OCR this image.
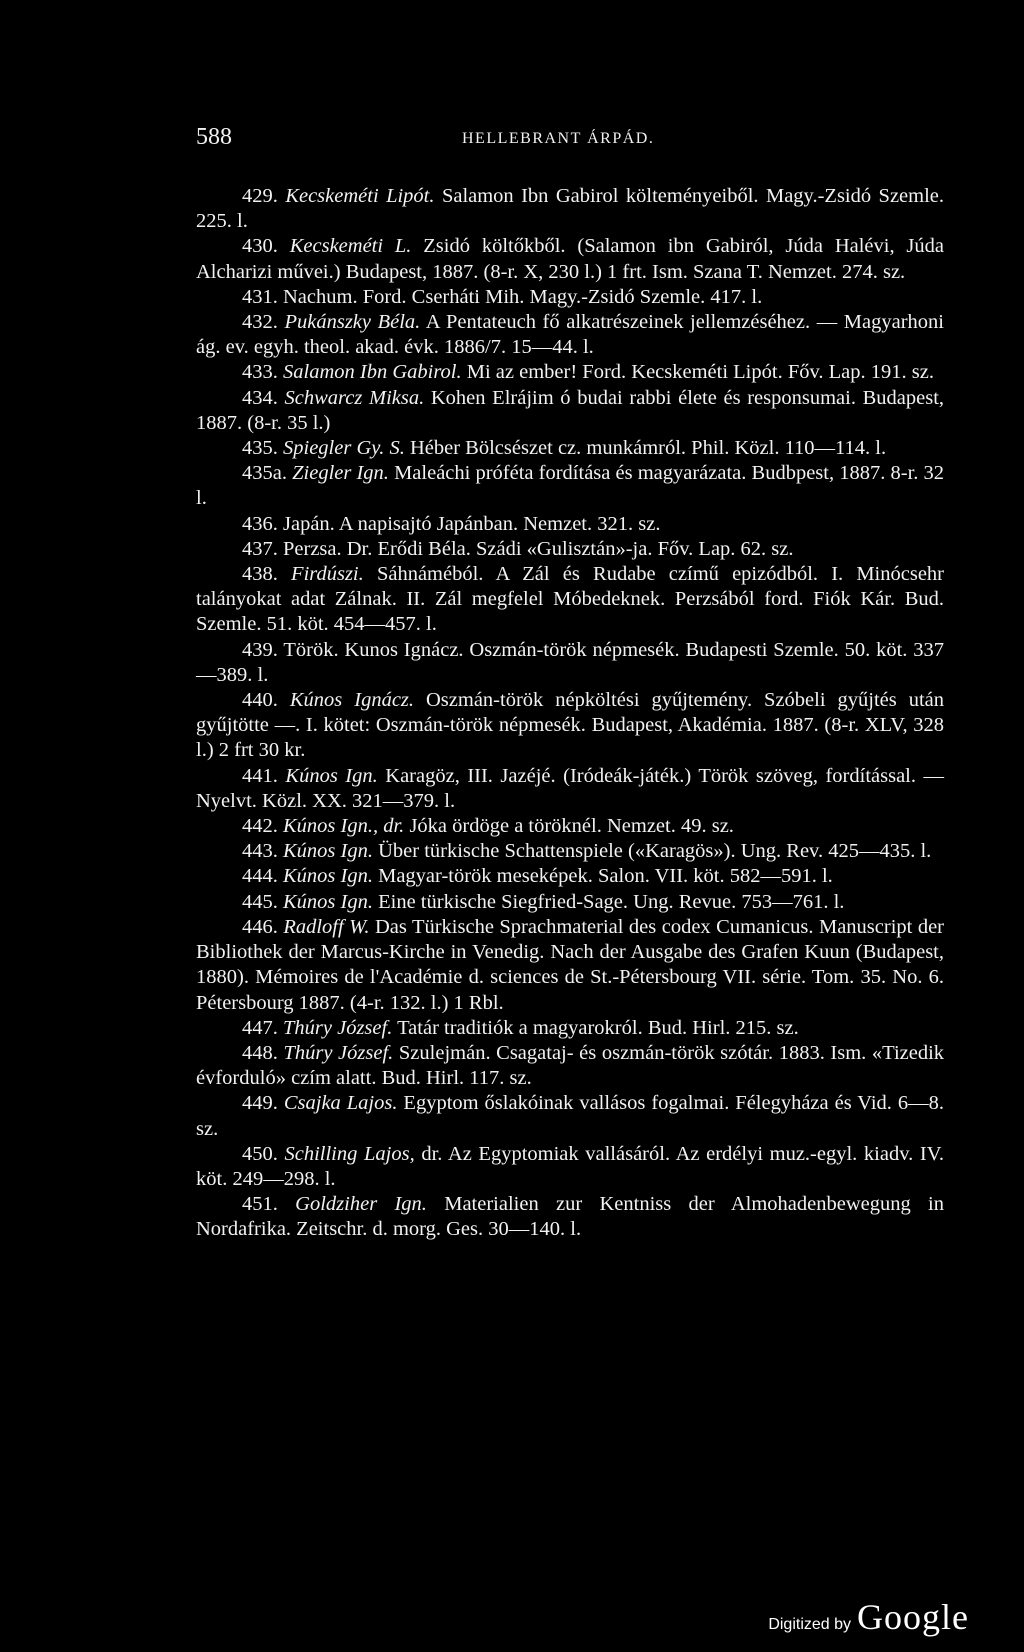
588	HELLEBRANT ÁRPÁD.

429. Kecskeméti Lipót. Salamon Ibn Gabirol költeményeiből. Magy.-Zsidó Szemle. 225. l.

430. Kecskeméti L. Zsidó költőkből. (Salamon ibn Gabiról, Júda Halévi, Júda Alcharizi művei.) Budapest, 1887. (8-r. X, 230 l.) 1 frt. Ism. Szana T. Nemzet. 274. sz.

431. Nachum. Ford. Cserháti Mih. Magy.-Zsidó Szemle. 417. l.

432. Pukánszky Béla. A Pentateuch fő alkatrészeinek jellemzéséhez. — Magyarhoni ág. ev. egyh. theol. akad. évk. 1886/7. 15—44. l.

433. Salamon Ibn Gabirol. Mi az ember! Ford. Kecskeméti Lipót. Főv. Lap. 191. sz.

434. Schwarcz Miksa. Kohen Elrájim ó budai rabbi élete és responsumai. Budapest, 1887. (8-r. 35 l.)

435. Spiegler Gy. S. Héber Bölcsészet cz. munkámról. Phil. Közl. 110—114. l.

435a. Ziegler Ign. Maleáchi próféta fordítása és magyarázata. Budbpest, 1887. 8-r. 32 l.

436. Japán. A napisajtó Japánban. Nemzet. 321. sz.

437. Perzsa. Dr. Erődi Béla. Szádi «Gulisztán»-ja. Főv. Lap. 62. sz.

438. Firdúszi. Sáhnáméból. A Zál és Rudabe czímű epizódból. I. Minócsehr talányokat adat Zálnak. II. Zál megfelel Móbedeknek. Perzsából ford. Fiók Kár. Bud. Szemle. 51. köt. 454—457. l.

439. Török. Kunos Ignácz. Oszmán-török népmesék. Budapesti Szemle. 50. köt. 337—389. l.

440. Kúnos Ignácz. Oszmán-török népköltési gyűjtemény. Szóbeli gyűjtés után gyűjtötte —. I. kötet: Oszmán-török népmesék. Budapest, Akadémia. 1887. (8-r. XLV, 328 l.) 2 frt 30 kr.

441. Kúnos Ign. Karagöz, III. Jazéjé. (Iródeák-játék.) Török szöveg, fordítással. — Nyelvt. Közl. XX. 321—379. l.

442. Kúnos Ign., dr. Jóka ördöge a töröknél. Nemzet. 49. sz.

443. Kúnos Ign. Über türkische Schattenspiele («Karagös»). Ung. Rev. 425—435. l.

444. Kúnos Ign. Magyar-török meseképek. Salon. VII. köt. 582—591. l.

445. Kúnos Ign. Eine türkische Siegfried-Sage. Ung. Revue. 753—761. l.

446. Radloff W. Das Türkische Sprachmaterial des codex Cumanicus. Manuscript der Bibliothek der Marcus-Kirche in Venedig. Nach der Ausgabe des Grafen Kuun (Budapest, 1880). Mémoires de l'Académie d. sciences de St.-Pétersbourg VII. série. Tom. 35. No. 6. Pétersbourg 1887. (4-r. 132. l.) 1 Rbl.

447. Thúry József. Tatár traditiók a magyarokról. Bud. Hirl. 215. sz.

448. Thúry József. Szulejmán. Csagataj- és oszmán-török szótár. 1883. Ism. «Tizedik évforduló» czím alatt. Bud. Hirl. 117. sz.

449. Csajka Lajos. Egyptom őslakóinak vallásos fogalmai. Félegyháza és Vid. 6—8. sz.

450. Schilling Lajos, dr. Az Egyptomiak vallásáról. Az erdélyi muz.-egyl. kiadv. IV. köt. 249—298. l.

451. Goldziher Ign. Materialien zur Kentniss der Almohadenbewegung in Nordafrika. Zeitschr. d. morg. Ges. 30—140. l.

Digitized by Google
